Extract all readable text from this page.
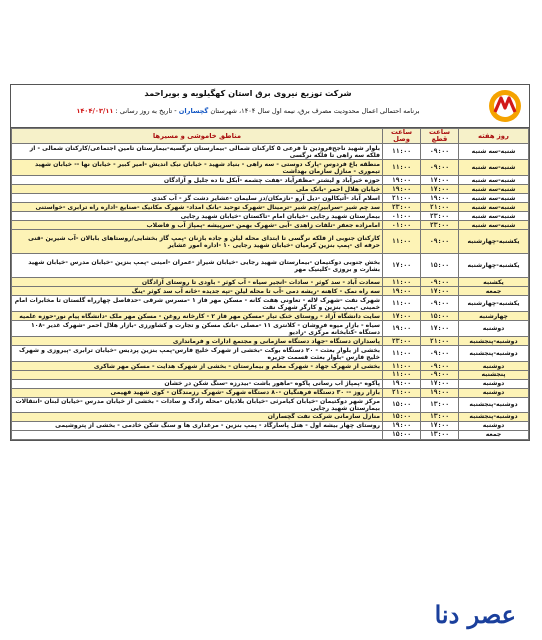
شرکت توزیع نیروی برق استان کهگیلویه و بویراحمد
برنامه احتمالی اعمال محدودیت مصرف برق، نیمه اول سال ۱۴۰۴، شهرستان گچساران - تاریخ به روز رسانی : ۱۴۰۴/۰۳/۱۱
روز هفته	ساعت قطع	ساعت وصل	مناطق خاموشی و مسیرها
شنبه-سه شنبه	۰۹:۰۰	۱۱:۰۰	بلوار شهید ناجح‌فرودین تا فرعی ۵ کارکنان شمالی -بیمارستان نرگسیه-بیمارستان تامین اجتماعی/کارکنان شمالی - از فلکه سه راهی تا فلکه نرگسی
شنبه-سه شنبه	۰۹:۰۰	۱۱:۰۰	منطقه باغ فردوس -پارک دوستی - سه راهی - بنیاد شهید - خیابان نیک اندیش -امیر کبیر - خیابان نها -- خیابان شهید تیموری - منازل سازمان بهداشت
شنبه-سه شنبه	۱۷:۰۰	۱۹:۰۰	حوزه خیرآباد و لیشتر -مظفرآباد -هفت چشمه -آبکل تا ده جلیل و آزادگان
شنبه-سه شنبه	۱۷:۰۰	۱۹:۰۰	خیابان هلال احمر -بانک ملی
شنبه-سه شنبه	۱۹:۰۰	۲۱:۰۰	اسلام آباد -آتیکالون -دیل آرو -نازمکان/دز سلیمان -عشایر دشت گز - آب کندی
شنبه-سه شنبه	۲۱:۰۰	۲۳:۰۰	سد چم شیر -سرابیر/چم شیر -ترمینال -شهرک توحید -بانک امداد- شهرک مکانیک -صنایع -اداره راه ترابری -خواستنی
شنبه-سه شنبه	۲۳:۰۰	۰۱:۰۰	بیمارستان شهید رجایی -خیابان امام -تاکستان -خیابان شهید رجایی
شنبه-سه شنبه	۲۳:۰۰	۰۱:۰۰	امامزاده جعفر -تلفات زاهدی -آبی -شهرک بهمن -سرپیشه -پمپاژ آب و فاضلاب
یکشنبه-چهارشنبه	۰۹:۰۰	۱۱:۰۰	کارکنان جنوبی از فلکه نرگسی تا ابتدای محله لیلن و جاده بازنان -پمپ گاز بخشایی/روستاهای بابالان -آب شیرین -قنی حرفه ای -پمپ بنزین کرمیان -خیابان شهید رجایی ۱۰ -اداره امور عشایر
یکشنبه-چهارشنبه	۱۵:۰۰	۱۷:۰۰	بخش جنوبی دوکتیمان -بیمارستان شهید رجایی -خیابان شیراز -عمران -امینی -پمپ بنزین -خیابان مدرس -خیابان شهید بشارت و بروزی -کلینیک مهر
یکشنبه	۰۹:۰۰	۱۱:۰۰	سعادت آباد - سد کوثر - سادات -انجیر سیاه - آب کوثر - باودی تا روستای آزادگان
جمعه	۱۷:۰۰	۱۹:۰۰	سه راه نمک - کاهنه -ریشه دمی -آب تا محله لیلن -تپه جدیده -خانه آب سد کوثر -ینگ
یکشنبه-چهارشنبه	۰۹:۰۰	۱۱:۰۰	شهرک نفت -شهرک لاله - تعاونی هفت کانه - مسکن مهر فاز ۱ -مسرس شرقی -حدفاصل چهارراه گلستان تا مخابرات امام خمینی -پمپ بنزین و کارگر شهرک نفت
چهارشنبه	۱۵:۰۰	۱۷:۰۰	سایت دانشگاه آزاد - روستای خنک تیار -مسکن مهر فاز ۲ - کارخانه روغن - مسکن مهر ملک -دانشگاه پیام نور-حوزه علمیه
دوشنبه	۱۷:۰۰	۱۹:۰۰	سیاه - بازار میوه فروشان - کلانتری ۱۱ -مصلی -بانک مسکن و تجارت و کشاورزی -بازار هلال احمر -شهرک غدیر -۱۰۸ دستگاه -کتابخانه مرکزی -رادیو
دوشنبه-پنجشنبه	۲۱:۰۰	۲۳:۰۰	پاسداران دستگاه -جهاد دستگاه سازمانی و مجتمع ادارات و فرمانداری
دوشنبه-پنجشنبه	۰۹:۰۰	۱۱:۰۰	بخشی از بلوار بعثت - ۲۰ دستگاه بوکت -بخشی از شهرک خلیج فارس-پمپ بنزین پردیس -خیابان ترابری -پیروزی و شهرک خلیج فارس -بلوار بعثت قسمت جزیره
دوشنبه	۰۹:۰۰	۱۱:۰۰	بخشی از شهرک جهاد - شهرک معلم و بیمارستان - بخشی از شهرک هدایت - مسکن مهر شاکری
پنجشنبه	۰۹:۰۰	۱۱:۰۰	
دوشنبه	۱۷:۰۰	۱۹:۰۰	پاکوه -پمپاژ آب رسانی پاکوه -ماهور باشت -بیدرزه -سنگ شکن در خشان
دوشنبه	۱۹:۰۰	۲۱:۰۰	بازار روز -- ۳۰ دستگاه فرهنگیان -۸۰ دستگاه شهرک -شهرک رزمندگان - کوی شهید فهیمی
دوشنبه-پنجشنبه	۱۳:۰۰	۱۵:۰۰	مرکز شهر دوکتیمان -خیابان کیامرثی -خیابان بلادیان -محله رادگ و سادات - بخشی از خیابان مدرس -خیابان لبنان -انتقالات بیمارستان شهید رجایی
دوشنبه-پنجشنبه	۱۳:۰۰	۱۵:۰۰	منازل سازمانی شرکت نفت گچساران
دوشنبه	۱۷:۰۰	۱۹:۰۰	روستای چهار بیشه اول - هتل پاسارگاد - پمپ بنزین - مرغداری ها و سنگ شکن خادمی - بخشی از پتروشیمی
جمعه	۱۳:۰۰	۱۵:۰۰	
عصر دنا
